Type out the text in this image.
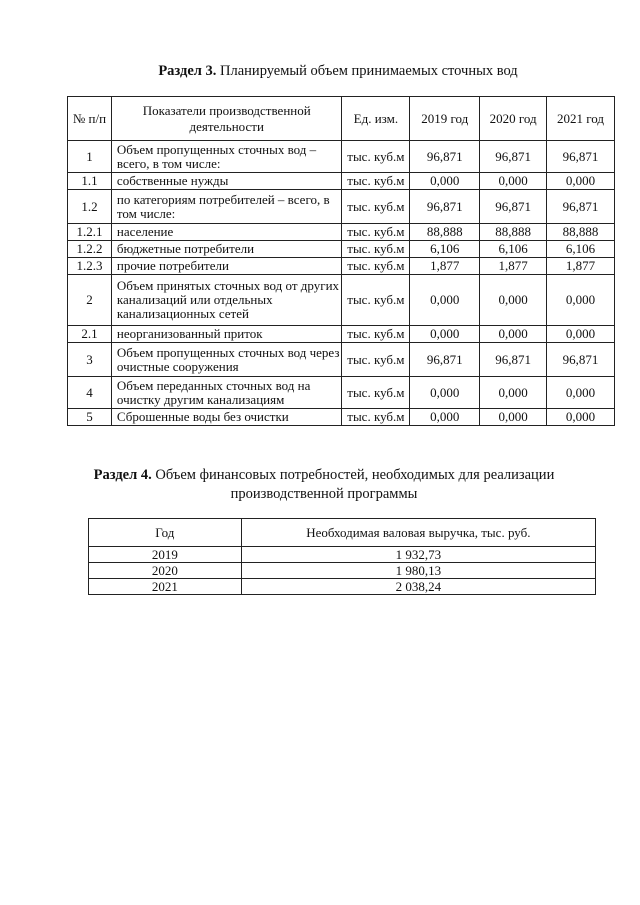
Раздел 3. Планируемый объем принимаемых сточных вод
№ п/п	Показатели производственной деятельности	Ед. изм.	2019 год	2020 год	2021 год
1	Объем пропущенных сточных вод – всего, в том числе:	тыс. куб.м	96,871	96,871	96,871
1.1	собственные нужды	тыс. куб.м	0,000	0,000	0,000
1.2	по категориям потребителей – всего, в том числе:	тыс. куб.м	96,871	96,871	96,871
1.2.1	население	тыс. куб.м	88,888	88,888	88,888
1.2.2	бюджетные потребители	тыс. куб.м	6,106	6,106	6,106
1.2.3	прочие потребители	тыс. куб.м	1,877	1,877	1,877
2	Объем принятых сточных вод от других канализаций или отдельных канализационных сетей	тыс. куб.м	0,000	0,000	0,000
2.1	неорганизованный приток	тыс. куб.м	0,000	0,000	0,000
3	Объем пропущенных сточных вод через очистные сооружения	тыс. куб.м	96,871	96,871	96,871
4	Объем переданных сточных вод на очистку другим канализациям	тыс. куб.м	0,000	0,000	0,000
5	Сброшенные воды без очистки	тыс. куб.м	0,000	0,000	0,000
Раздел 4. Объем финансовых потребностей, необходимых для реализации
производственной программы
Год	Необходимая валовая выручка, тыс. руб.
2019	1 932,73
2020	1 980,13
2021	2 038,24
